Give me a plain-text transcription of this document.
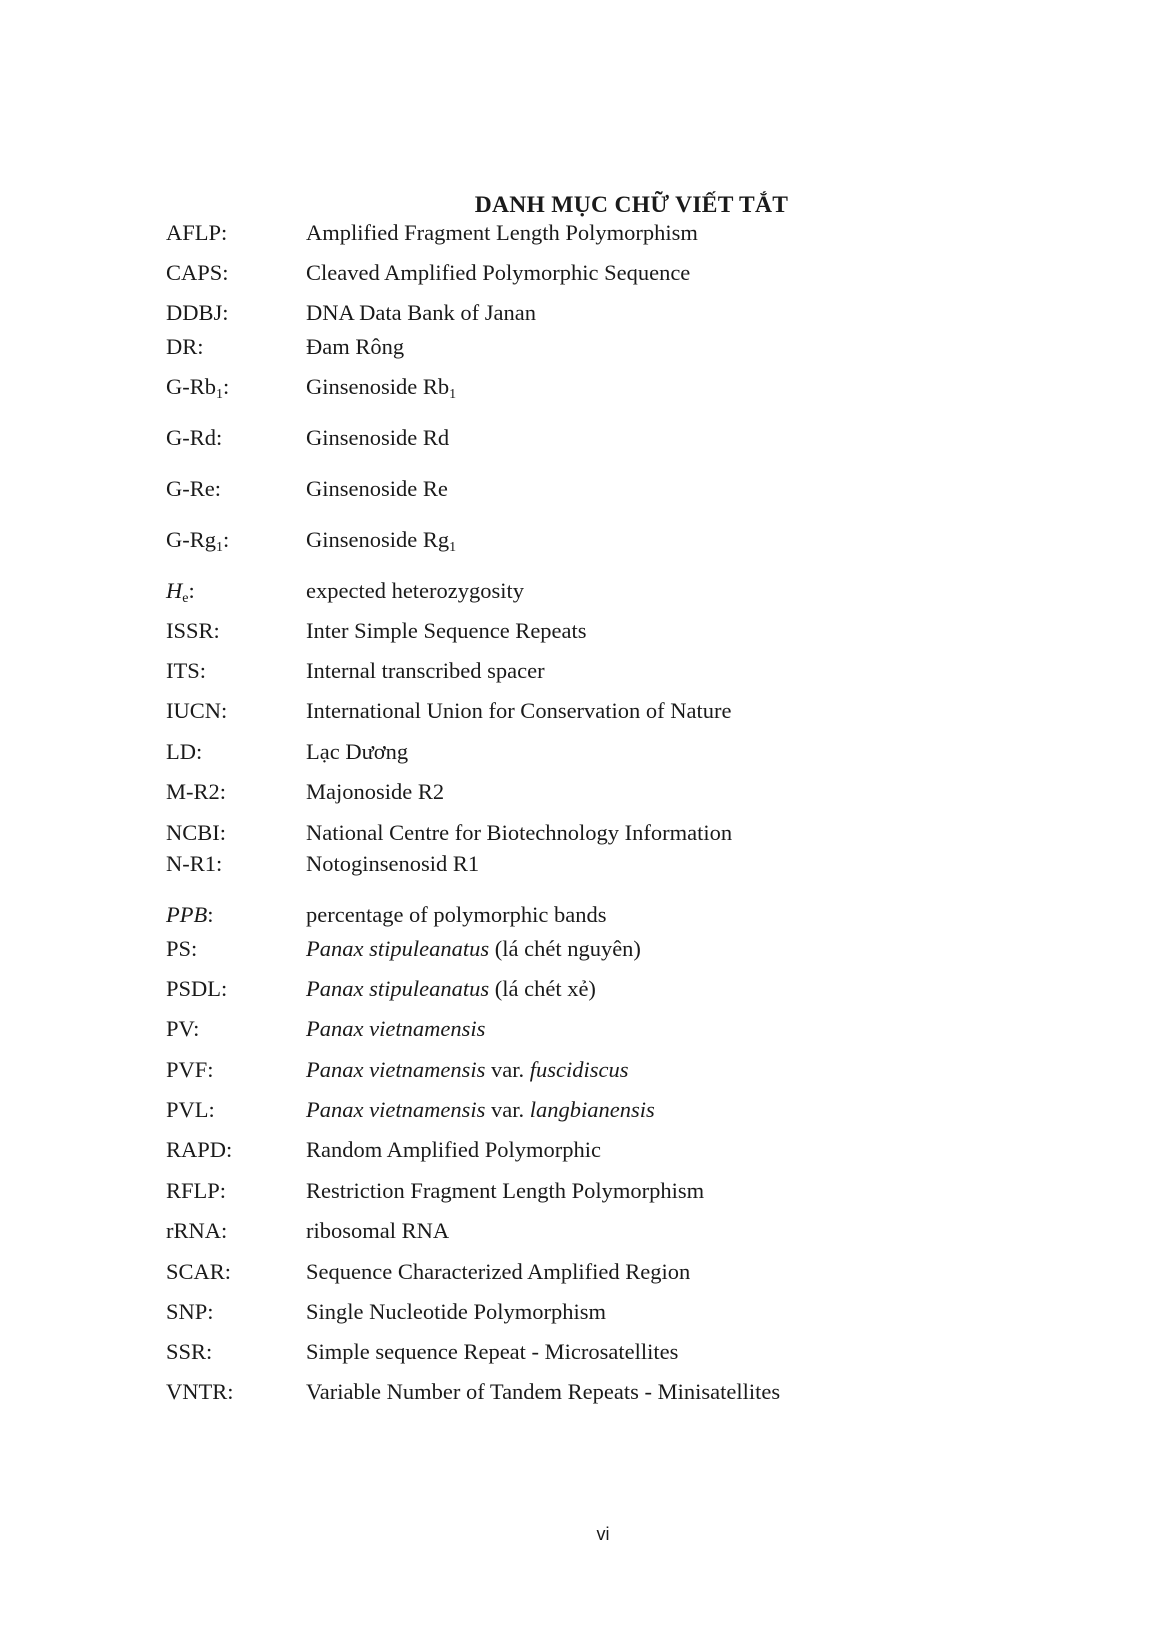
DANH MỤC CHỮ VIẾT TẮT
AFLP:	Amplified Fragment Length Polymorphism
CAPS:	Cleaved Amplified Polymorphic Sequence
DDBJ:	DNA Data Bank of Janan
DR:	Đam Rông
$G-Rb_1$:	Ginsenoside $Rb_1$
G-Rd:	Ginsenoside Rd
G-Re:	Ginsenoside Re
$G-Rg_1$:	Ginsenoside $Rg_1$
$H_e$:	expected heterozygosity
ISSR:	Inter Simple Sequence Repeats
ITS:	Internal transcribed spacer
IUCN:	International Union for Conservation of Nature
LD:	Lạc Dương
M-R2:	Majonoside R2
NCBI:	National Centre for Biotechnology Information
N-R1:	Notoginsenosid R1
PPB:	percentage of polymorphic bands
PS:	Panax stipuleanatus (lá chét nguyên)
PSDL:	Panax stipuleanatus (lá chét xẻ)
PV:	Panax vietnamensis
PVF:	Panax vietnamensis var. fuscidiscus
PVL:	Panax vietnamensis var. langbianensis
RAPD:	Random Amplified Polymorphic
RFLP:	Restriction Fragment Length Polymorphism
rRNA:	ribosomal RNA
SCAR:	Sequence Characterized Amplified Region
SNP:	Single Nucleotide Polymorphism
SSR:	Simple sequence Repeat - Microsatellites
VNTR:	Variable Number of Tandem Repeats - Minisatellites
vi
